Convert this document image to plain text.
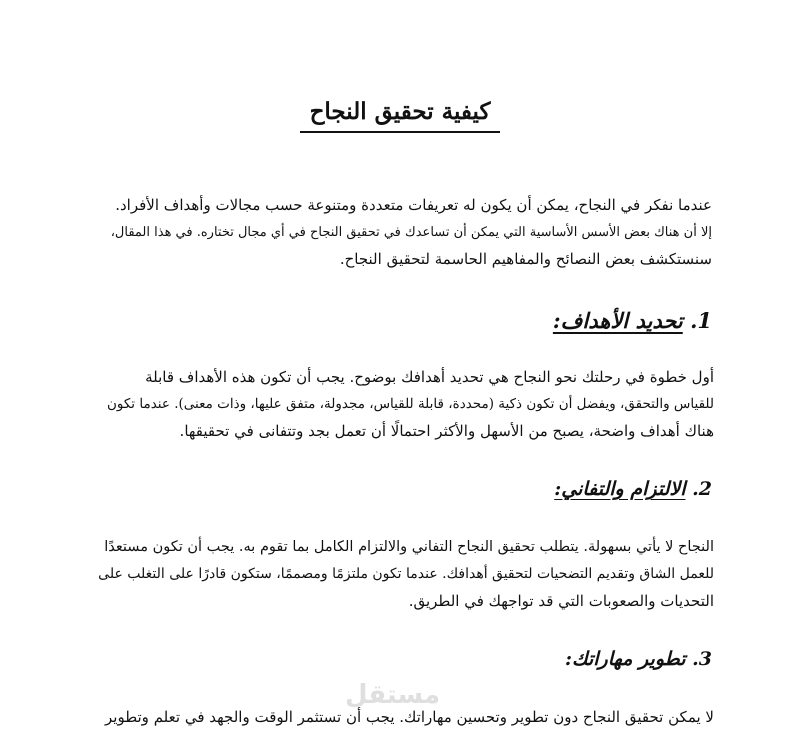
كيفية تحقيق النجاح
عندما نفكر في النجاح، يمكن أن يكون له تعريفات متعددة ومتنوعة حسب مجالات وأهداف الأفراد.
إلا أن هناك بعض الأسس الأساسية التي يمكن أن تساعدك في تحقيق النجاح في أي مجال تختاره. في هذا المقال،
سنستكشف بعض النصائح والمفاهيم الحاسمة لتحقيق النجاح.
1. تحديد الأهداف:
أول خطوة في رحلتك نحو النجاح هي تحديد أهدافك بوضوح. يجب أن تكون هذه الأهداف قابلة
للقياس والتحقق، ويفضل أن تكون ذكية (محددة، قابلة للقياس، مجدولة، متفق عليها، وذات معنى). عندما تكون
هناك أهداف واضحة، يصبح من الأسهل والأكثر احتمالًا أن تعمل بجد وتتفانى في تحقيقها.
2. الالتزام والتفاني:
النجاح لا يأتي بسهولة. يتطلب تحقيق النجاح التفاني والالتزام الكامل بما تقوم به. يجب أن تكون مستعدًا
للعمل الشاق وتقديم التضحيات لتحقيق أهدافك. عندما تكون ملتزمًا ومصممًا، ستكون قادرًا على التغلب على
التحديات والصعوبات التي قد تواجهك في الطريق.
3. تطوير مهاراتك:
لا يمكن تحقيق النجاح دون تطوير وتحسين مهاراتك. يجب أن تستثمر الوقت والجهد في تعلم وتطوير
مستقل
